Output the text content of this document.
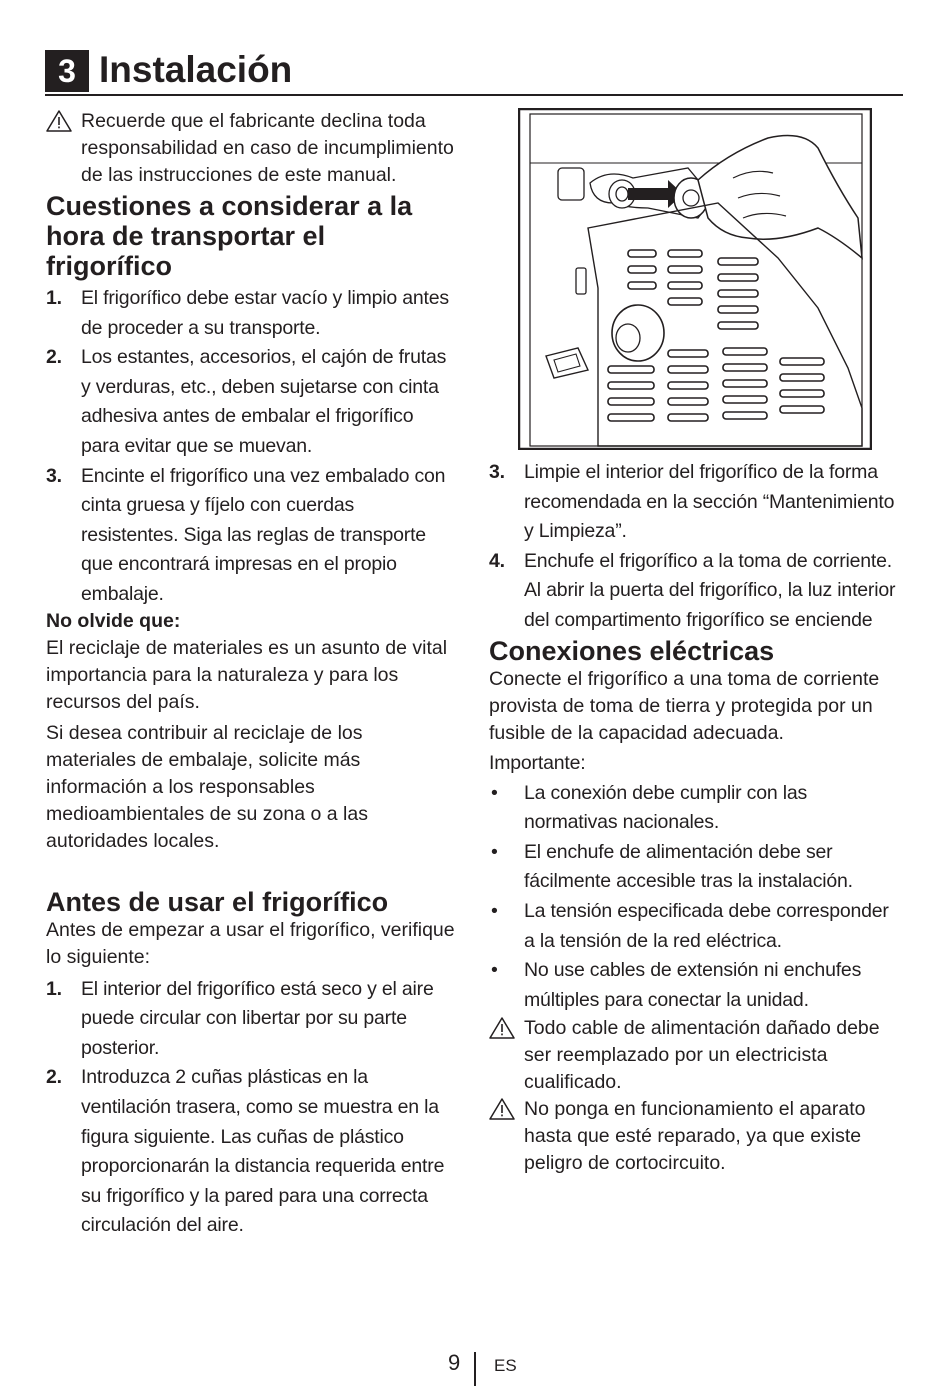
3 Instalación
Recuerde que el fabricante declina toda responsabilidad en caso de incumplimiento de las instrucciones de este manual.
Cuestiones a considerar a la hora de transportar el frigorífico
1. El frigorífico debe estar vacío y limpio antes de proceder a su transporte.
2. Los estantes, accesorios, el cajón de frutas y verduras, etc., deben sujetarse con cinta adhesiva antes de embalar el frigorífico para evitar que se muevan.
3. Encinte el frigorífico una vez embalado con cinta gruesa y fíjelo con cuerdas resistentes. Siga las reglas de transporte que encontrará impresas en el propio embalaje.

No olvide que:

El reciclaje de materiales es un asunto de vital importancia para la naturaleza y para los recursos del país.

Si desea contribuir al reciclaje de los materiales de embalaje, solicite más información a los responsables medioambientales de su zona o a las autoridades locales.

Antes de usar el frigorífico

Antes de empezar a usar el frigorífico, verifique lo siguiente:

1. El interior del frigorífico está seco y el aire puede circular con libertar por su parte posterior.
2. Introduzca 2 cuñas plásticas en la ventilación trasera, como se muestra en la figura siguiente. Las cuñas de plástico proporcionarán la distancia requerida entre su frigorífico y la pared para una correcta circulación del aire.
3. Limpie el interior del frigorífico de la forma recomendada en la sección “Mantenimiento y Limpieza”.
4. Enchufe el frigorífico a la toma de corriente. Al abrir la puerta del frigorífico, la luz interior del compartimento frigorífico se enciende
Conexiones eléctricas

Conecte el frigorífico a una toma de corriente provista de toma de tierra y protegida por un fusible de la capacidad adecuada.

Importante:

• La conexión debe cumplir con las normativas nacionales.
• El enchufe de alimentación debe ser fácilmente accesible tras la instalación.
• La tensión especificada debe corresponder a la tensión de la red eléctrica.
• No use cables de extensión ni enchufes múltiples para conectar la unidad.
Todo cable de alimentación dañado debe ser reemplazado por un electricista cualificado.
No ponga en funcionamiento el aparato hasta que esté reparado, ya que existe peligro de cortocircuito.
9 ES
